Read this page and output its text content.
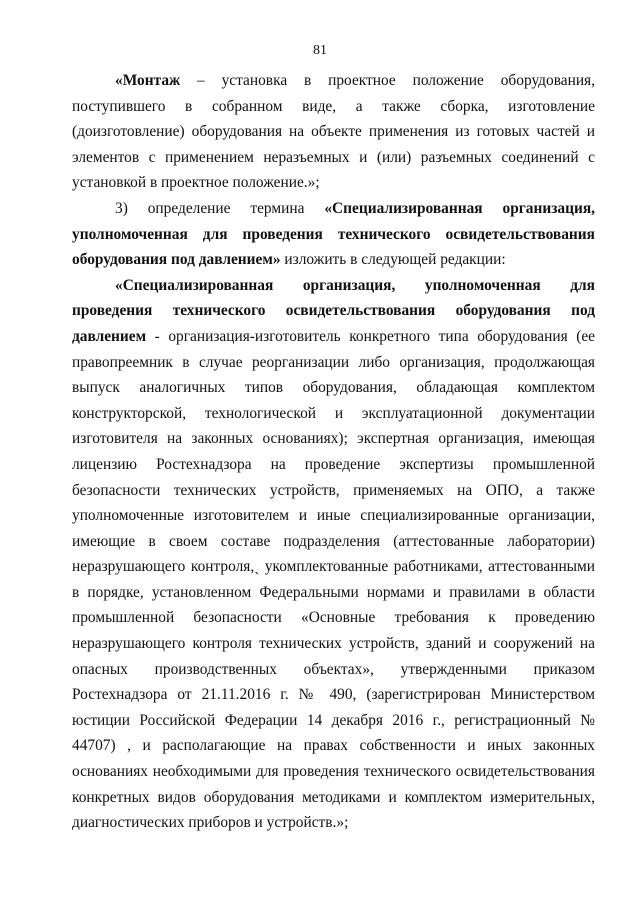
81

«Монтаж – установка в проектное положение оборудования, поступившего в собранном виде, а также сборка, изготовление (доизготовление) оборудования на объекте применения из готовых частей и элементов с применением неразъемных и (или) разъемных соединений с установкой в проектное положение.»;

3) определение термина «Специализированная организация, уполномоченная для проведения технического освидетельствования оборудования под давлением» изложить в следующей редакции:

«Специализированная организация, уполномоченная для проведения технического освидетельствования оборудования под давлением - организация-изготовитель конкретного типа оборудования (ее правопреемник в случае реорганизации либо организация, продолжающая выпуск аналогичных типов оборудования, обладающая комплектом конструкторской, технологической и эксплуатационной документации изготовителя на законных основаниях); экспертная организация, имеющая лицензию Ростехнадзора на проведение экспертизы промышленной безопасности технических устройств, применяемых на ОПО, а также уполномоченные изготовителем и иные специализированные организации, имеющие в своем составе подразделения (аттестованные лаборатории) неразрушающего контроля,ˎ укомплектованные работниками, аттестованными в порядке, установленном Федеральными нормами и правилами в области промышленной безопасности «Основные требования к проведению неразрушающего контроля технических устройств, зданий и сооружений на опасных производственных объектах», утвержденными приказом Ростехнадзора от 21.11.2016 г. № 490, (зарегистрирован Министерством юстиции Российской Федерации 14 декабря 2016 г., регистрационный № 44707) , и располагающие на правах собственности и иных законных основаниях необходимыми для проведения технического освидетельствования конкретных видов оборудования методиками и комплектом измерительных, диагностических приборов и устройств.»;
